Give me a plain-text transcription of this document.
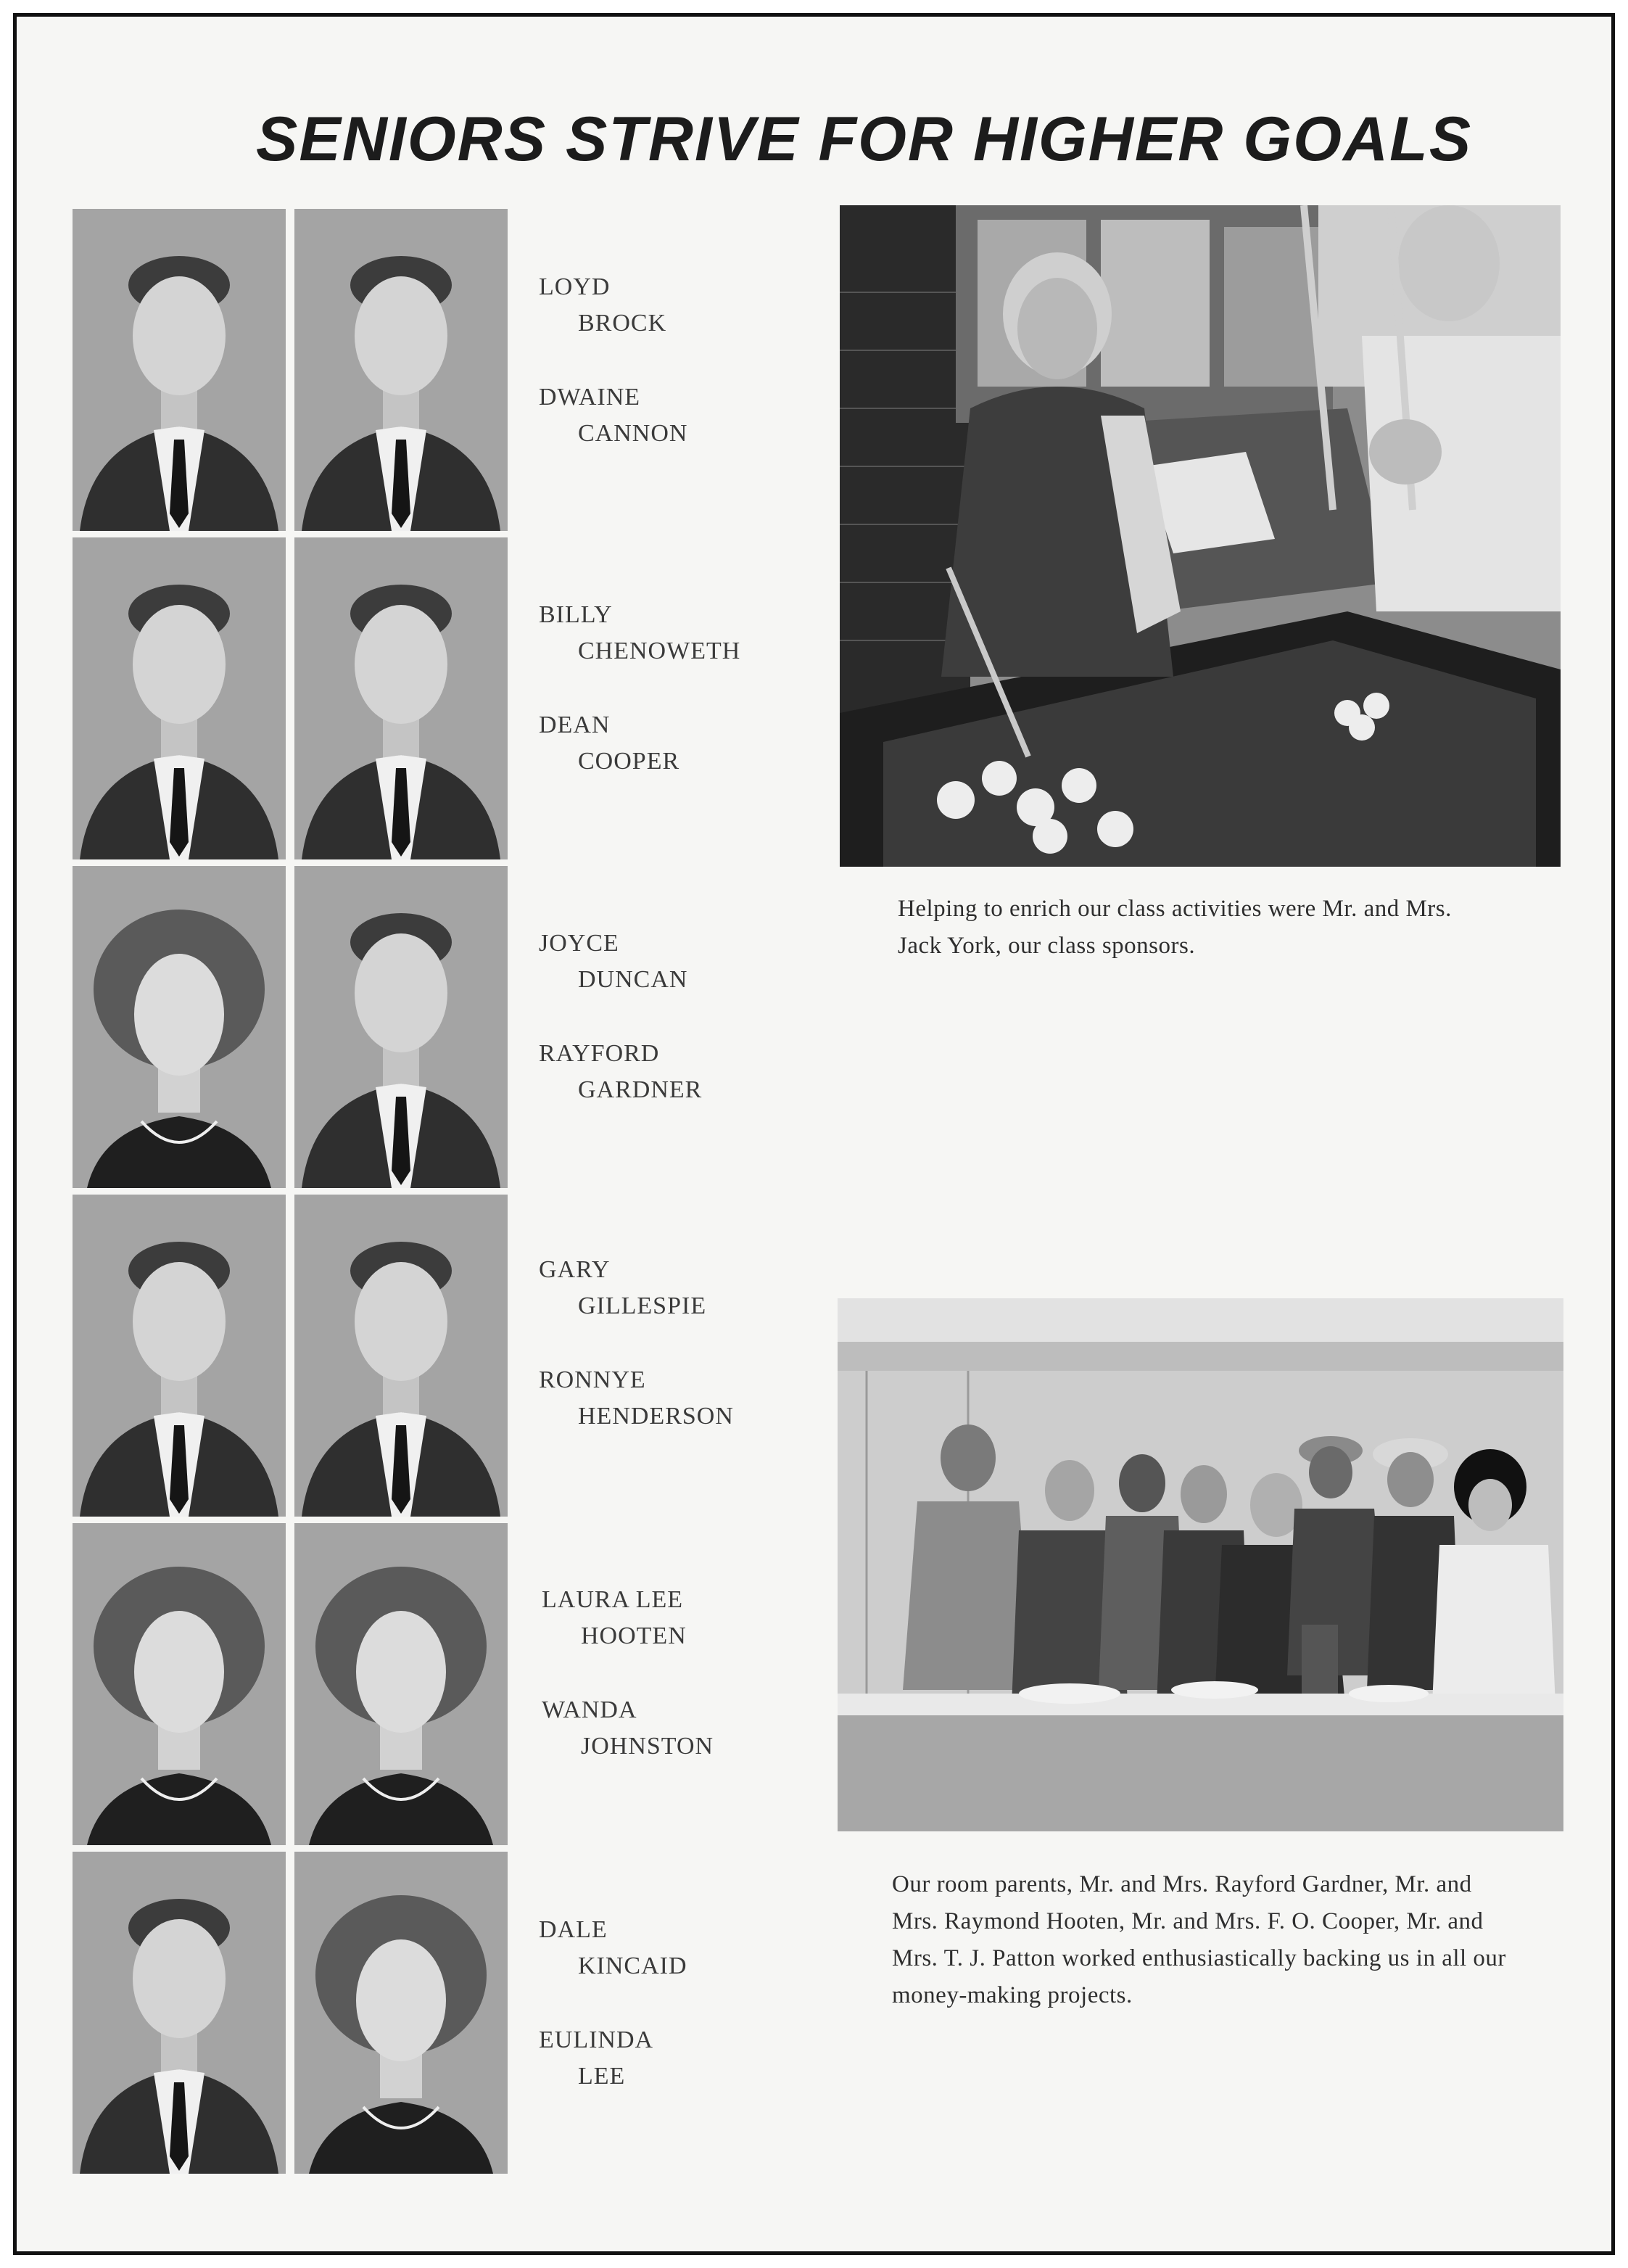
SENIORS STRIVE FOR HIGHER GOALS
LOYD
BROCK
DWAINE
CANNON
BILLY
CHENOWETH
DEAN
COOPER
JOYCE
DUNCAN
RAYFORD
GARDNER
GARY
GILLESPIE
RONNYE
HENDERSON
LAURA LEE
HOOTEN
WANDA
JOHNSTON
DALE
KINCAID
EULINDA
LEE

Helping to enrich our class activities were Mr. and Mrs. Jack York, our class sponsors.

Our room parents, Mr. and Mrs. Rayford Gardner, Mr. and Mrs. Raymond Hooten, Mr. and Mrs. F. O. Cooper, Mr. and Mrs. T. J. Patton worked enthusiastically backing us in all our money-making projects.
